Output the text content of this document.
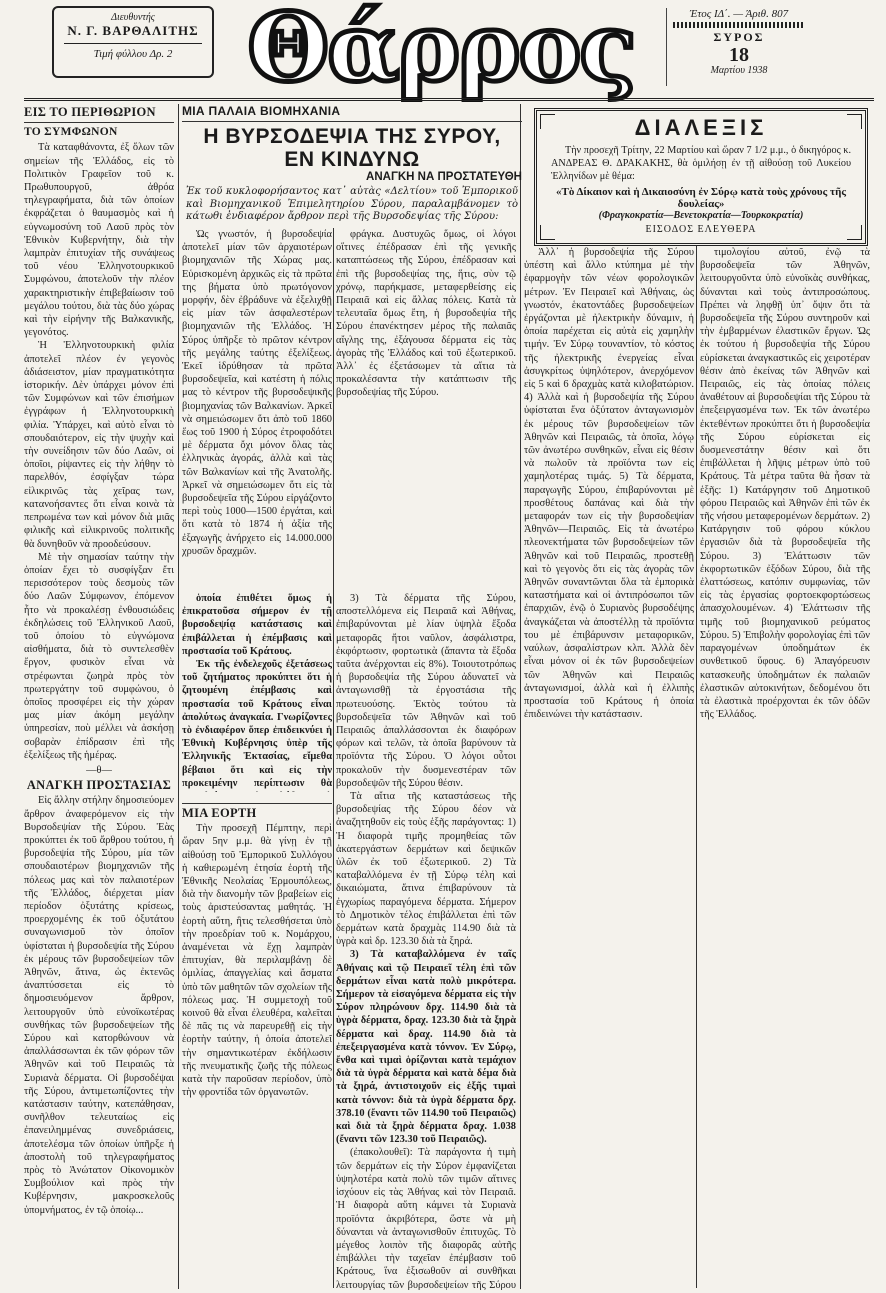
Διευθυντής
Ν. Γ. ΒΑΡΘΑΛΙΤΗΣ
Τιμή φύλλου Δρ. 2 Θάρρος	Έτος ΙΔ΄. — Άριθ. 807
ΣΥΡΟΣ
18
Μαρτίου 1938
ΕΙΣ ΤΟ ΠΕΡΙΘΩΡΙΟΝ
ΤΟ ΣΥΜΦΩΝΟΝ

Τὰ καταφθάνοντα, ἐξ ὅλων τῶν σημείων τῆς Ἑλλάδος, εἰς τὸ Πολιτικὸν Γραφεῖον τοῦ κ. Πρωθυπουργοῦ, ἀθρόα τηλεγραφήματα, διὰ τῶν ὁποίων ἐκφράζεται ὁ θαυμασμὸς καὶ ἡ εὐγνωμοσύνη τοῦ Λαοῦ πρὸς τὸν Ἐθνικὸν Κυβερνήτην, διὰ τὴν λαμπρὰν ἐπιτυχίαν τῆς συνάψεως τοῦ νέου Ἑλληνοτουρκικοῦ Συμφώνου, ἀποτελοῦν τὴν πλέον χαρακτηριστικὴν ἐπιβεβαίωσιν τοῦ μεγάλου τούτου, διὰ τὰς δύο χώρας καὶ τὴν εἰρήνην τῆς Βαλκανικῆς, γεγονότος.

Ἡ Ἑλληνοτουρκικὴ φιλία ἀποτελεῖ πλέον ἐν γεγονὸς ἀδιάσειστον, μίαν πραγματικότητα ἱστορικήν. Δὲν ὑπάρχει μόνον ἐπὶ τῶν Συμφώνων καὶ τῶν ἐπισήμων ἐγγράφων ἡ Ἑλληνοτουρκικὴ φιλία. Ὑπάρχει, καὶ αὐτὸ εἶναι τὸ σπουδαιότερον, εἰς τὴν ψυχὴν καὶ τὴν συνείδησιν τῶν δύο Λαῶν, οἱ ὁποῖοι, ρίψαντες εἰς τὴν λήθην τὸ παρελθόν, ἐσφίγξαν τώρα εἰλικρινῶς τὰς χεῖρας των, κατανοήσαντες ὅτι εἶναι κοινὰ τὰ πεπρωμένα των καὶ μόνον διὰ μιᾶς φιλικῆς καὶ εἰλικρινοῦς πολιτικῆς θὰ δυνηθοῦν νὰ προοδεύσουν.

Μὲ τὴν σημασίαν ταύτην τὴν ὁποίαν ἔχει τὸ συσφίγξαν ἔτι περισσότερον τοὺς δεσμοὺς τῶν δύο Λαῶν Σύμφωνον, ἐπόμενον ἦτο νὰ προκαλέσῃ ἐνθουσιώδεις ἐκδηλώσεις τοῦ Ἑλληνικοῦ Λαοῦ, τοῦ ὁποίου τὸ εὐγνώμονα αἰσθήματα, διὰ τὸ συντελεσθὲν ἔργον, φυσικὸν εἶναι νὰ στρέφωνται ζωηρὰ πρὸς τὸν πρωτεργάτην τοῦ συμφώνου, ὁ ὁποῖος προσφέρει εἰς τὴν χώραν μας μίαν ἀκόμη μεγάλην ὑπηρεσίαν, ποὺ μέλλει νὰ ἀσκήσῃ σοβαρὰν ἐπίδρασιν ἐπὶ τῆς ἐξελίξεως τῆς ἡμέρας.

—θ—
ΑΝΑΓΚΗ ΠΡΟΣΤΑΣΙΑΣ

Εἰς ἄλλην στήλην δημοσιεύομεν ἄρθρον ἀναφερόμενον εἰς τὴν Βυρσοδεψίαν τῆς Σύρου. Ἐὰς προκύπτει ἐκ τοῦ ἄρθρου τούτου, ἡ βυρσοδεψία τῆς Σύρου, μία τῶν σπουδαιοτέρων βιομηχανιῶν τῆς πόλεως μας καὶ τὸν παλαιοτέρων τῆς Ἑλλάδος, διέρχεται μίαν περίοδον ὀξυτάτης κρίσεως, προερχομένης ἐκ τοῦ ὀξυτάτου συναγωνισμοῦ τὸν ὁποῖον ὑφίσταται ἡ βυρσοδεψία τῆς Σύρου ἐκ μέρους τῶν βυρσοδεψείων τῶν Ἀθηνῶν, ἅτινα, ὡς ἐκτενῶς ἀναπτύσσεται εἰς τὸ δημοσιευόμενον ἄρθρον, λειτουργοῦν ὑπὸ εὐνοϊκωτέρας συνθήκας τῶν βυρσοδεψείων τῆς Σύρου καὶ κατορθώνουν νὰ ἀπαλλάσσωνται ἐκ τῶν φόρων τῶν Ἀθηνῶν καὶ τοῦ Πειραιῶς τὰ Συριανὰ δέρματα. Οἱ βυρσοδέψαι τῆς Σύρου, ἀντιμετωπίζοντες τὴν κατάστασιν ταύτην, κατεπάθησαν, συνῆλθον τελευταίως εἰς ἐπανειλημμένας συνεδριάσεις, ἀποτελέσμα τῶν ὁποίων ὑπῆρξε ἡ ἀποστολὴ τοῦ τηλεγραφήματος πρὸς τὸ Ἀνώτατον Οἰκονομικὸν Συμβούλιον καὶ πρὸς τὴν Κυβέρνησιν, μακροσκελοῦς ὑπομνήματος, ἐν τῷ ὁποίῳ...

ΜΙΑ ΠΑΛΑΙΑ ΒΙΟΜΗΧΑΝΙΑ
Η ΒΥΡΣΟΔΕΨΙΑ ΤΗΣ ΣΥΡΟΥ,
ΕΝ ΚΙΝΔΥΝΩ
ΑΝΑΓΚΗ ΝΑ ΠΡΟΣΤΑΤΕΥΘΗ
Ἐκ τοῦ κυκλοφορήσαντος κατ᾿ αὐτὰς «Δελτίου» τοῦ Ἐμπορικοῦ καὶ Βιομηχανικοῦ Ἐπιμελητηρίου Σύρου, παραλαμβάνομεν τὸ κάτωθι ἐνδιαφέρον ἄρθρον περὶ τῆς Βυρσοδεψίας τῆς Σύρου:

Ὡς γνωστόν, ἡ βυρσοδεψία ἀποτελεῖ μίαν τῶν ἀρχαιοτέρων βιομηχανιῶν τῆς Χώρας μας. Εὑρισκομένη ἀρχικῶς εἰς τὰ πρῶτα της βήματα ὑπὸ πρωτόγονον μορφήν, δὲν ἐβράδυνε νὰ ἐξελιχθῇ εἰς μίαν τῶν ἀσφαλεστέρων βιομηχανιῶν τῆς Ἑλλάδος. Ἡ Σύρος ὑπῆρξε τὸ πρῶτον κέντρον τῆς μεγάλης ταύτης ἐξελίξεως. Ἐκεῖ ἱδρύθησαν τὰ πρῶτα βυρσοδεψεῖα, καὶ κατέστη ἡ πόλις μας τὸ κέντρον τῆς βυρσοδεψικῆς βιομηχανίας τῶν Βαλκανίων. Ἀρκεῖ νὰ σημειώσωμεν ὅτι ἀπὸ τοῦ 1860 ἕως τοῦ 1900 ἡ Σύρος ἐτροφοδότει μὲ δέρματα ὄχι μόνον ὅλας τὰς ἑλληνικὰς ἀγοράς, ἀλλὰ καὶ τὰς τῶν Βαλκανίων καὶ τῆς Ἀνατολῆς. Ἀρκεῖ νὰ σημειώσωμεν ὅτι εἰς τὰ βυρσοδεψεῖα τῆς Σύρου εἰργάζοντο περὶ τοὺς 1000—1500 ἐργάται, καὶ ὅτι κατὰ τὸ 1874 ἡ ἀξία τῆς ἐξαγωγῆς ἀνήρχετο εἰς 14.000.000 χρυσῶν δραχμῶν.

φράγκα. Δυστυχῶς ὅμως, οἱ λόγοι οἵτινες ἐπέδρασαν ἐπὶ τῆς γενικῆς καταπτώσεως τῆς Σύρου, ἐπέδρασαν καὶ ἐπὶ τῆς βυρσοδεψίας της, ἥτις, σὺν τῷ χρόνῳ, παρήκμασε, μεταφερθείσης εἰς Πειραιᾶ καὶ εἰς ἄλλας πόλεις. Κατὰ τὰ τελευταῖα ὅμως ἔτη, ἡ βυρσοδεψία τῆς Σύρου ἐπανέκτησεν μέρος τῆς παλαιᾶς αἴγλης της, ἐξάγουσα δέρματα εἰς τὰς ἀγορὰς τῆς Ἑλλάδος καὶ τοῦ ἐξωτερικοῦ. Ἀλλ᾿ ἐς ἐξετάσωμεν τὰ αἴτια τὰ προκαλέσαντα τὴν κατάπτωσιν τῆς βυρσοδεψίας τῆς Σύρου.

ὁποία ἐπιθέτει ὅμως ἡ ἐπικρατοῦσα σήμερον ἐν τῇ βυρσοδεψίᾳ κατάστασις καὶ ἐπιβάλλεται ἡ ἐπέμβασις καὶ προστασία τοῦ Κράτους.

Ἐκ τῆς ἐνδελεχοῦς ἐξετάσεως τοῦ ζητήματος προκύπτει ὅτι ἡ ζητουμένη ἐπέμβασις καὶ προστασία τοῦ Κράτους εἶναι ἀπολύτως ἀναγκαία. Γνωρίζοντες τὸ ἐνδιαφέρον ὅπερ ἐπιδεικνύει ἡ Ἐθνικὴ Κυβέρνησις ὑπὲρ τῆς Ἑλληνικῆς Ἐκτασίας, εἴμεθα βέβαιοι ὅτι καὶ εἰς τὴν προκειμένην περίπτωσιν θὰ

3) Τὰ δέρματα τῆς Σύρου, αποστελλόμενα εἰς Πειραιᾶ καὶ Ἀθήνας, ἐπιβαρύνονται μὲ λίαν ὑψηλὰ ἔξοδα μεταφορᾶς ἤτοι ναῦλον, ἀσφάλιστρα, ἐκφόρτωσιν, φορτωτικὰ (ἅπαντα τὰ ἔξοδα ταῦτα ἀνέρχονται εἰς 8%). Τοιουτοτρόπως ἡ βυρσοδεψία τῆς Σύρου ἀδυνατεῖ νὰ ἀνταγωνισθῇ τὰ ἐργοστάσια τῆς πρωτευούσης. Ἐκτὸς τούτου τὰ βυρσοδεψεῖα τῶν Ἀθηνῶν καὶ τοῦ Πειραιῶς ἀπαλλάσσονται ἐκ διαφόρων φόρων καὶ τελῶν, τὰ ὁποῖα βαρύνουν τὰ προϊόντα τῆς Σύρου. Ὁ λόγοι οὗτοι προκαλοῦν τὴν δυσμενεστέραν τῶν βυρσοδεψῶν τῆς Σύρου θέσιν.

ΜΙΑ ΕΟΡΤΗ

Τὴν προσεχῆ Πέμπτην, περὶ ὥραν 5ην μ.μ. θὰ γίνῃ ἐν τῇ αἰθούσῃ τοῦ Ἐμπορικοῦ Συλλόγου ἡ καθιερωμένη ἐτησία ἑορτὴ τῆς Ἐθνικῆς Νεολαίας Ἑρμουπόλεως, διὰ τὴν διανομὴν τῶν βραβείων εἰς τοὺς ἀριστεύσαντας μαθητάς. Ἡ ἑορτὴ αὕτη, ἣτις τελεσθήσεται ὑπὸ τὴν προεδρίαν τοῦ κ. Νομάρχου, ἀναμένεται νὰ ἔχῃ λαμπρὰν ἐπιτυχίαν, θὰ περιλαμβάνῃ δὲ ὁμιλίας, ἀπαγγελίας καὶ ἄσματα ὑπὸ τῶν μαθητῶν τῶν σχολείων τῆς πόλεως μας. Ἡ συμμετοχὴ τοῦ κοινοῦ θὰ εἶναι ἐλευθέρα, καλεῖται δὲ πᾶς τις νὰ παρευρεθῇ εἰς τὴν ἑορτὴν ταύτην, ἡ ὁποία ἀποτελεῖ τὴν σημαντικωτέραν ἐκδήλωσιν τῆς πνευματικῆς ζωῆς τῆς πόλεως κατὰ τὴν παροῦσαν περίοδον, ὑπὸ τὴν φροντίδα τῶν ὀργανωτῶν.

Τὰ αἴτια τῆς καταστάσεως τῆς βυρσοδεψίας τῆς Σύρου δέον νὰ ἀναζητηθοῦν εἰς τοὺς ἑξῆς παράγοντας: 1) Ἡ διαφορὰ τιμῆς προμηθείας τῶν ἀκατεργάστων δερμάτων καὶ δεψικῶν ὑλῶν ἐκ τοῦ ἐξωτερικοῦ. 2) Τὰ καταβαλλόμενα ἐν τῇ Σύρῳ τέλη καὶ δικαιώματα, ἅτινα ἐπιβαρύνουν τὰ ἐγχωρίως παραγόμενα δέρματα. Σήμερον τὸ Δημοτικὸν τέλος ἐπιβάλλεται ἐπὶ τῶν δερμάτων κατὰ δραχμὰς 114.90 διὰ τὰ ὑγρὰ καὶ δρ. 123.30 διὰ τὰ ξηρά.

3) Τὰ καταβαλλόμενα ἐν ταῖς Ἀθήναις καὶ τῷ Πειραιεῖ τέλη ἐπὶ τῶν δερμάτων εἶναι κατὰ πολὺ μικρότερα. Σήμερον τὰ εἰσαγόμενα δέρματα εἰς τὴν Σύρον πληρώνουν δρχ. 114.90 διὰ τὰ ὑγρὰ δέρματα, δραχ. 123.30 διὰ τὰ ξηρὰ δέρματα καὶ δραχ. 114.90 διὰ τὰ ἐπεξειργασμένα κατὰ τόννον. Ἐν Σύρῳ, ἔνθα καὶ τιμαὶ ὁρίζονται κατὰ τεμάχιον διὰ τὰ ὑγρὰ δέρματα καὶ κατὰ δέμα διὰ τὰ ξηρά, ἀντιστοιχοῦν εἰς ἑξῆς τιμαὶ κατὰ τόννον: διὰ τὰ ὑγρὰ δέρματα δρχ. 378.10 (ἔναντι τῶν 114.90 τοῦ Πειραιῶς) καὶ διὰ τὰ ξηρὰ δέρματα δραχ. 1.038 (ἔναντι τῶν 123.30 τοῦ Πειραιῶς).

(ἐπακολουθεῖ): Τὰ παράγοντα ἡ τιμὴ τῶν δερμάτων εἰς τὴν Σύρον ἐμφανίζεται ὑψηλοτέρα κατὰ πολὺ τῶν τιμῶν αἵτινες ἰσχύουν εἰς τὰς Ἀθήνας καὶ τὸν Πειραιᾶ. Ἡ διαφορὰ αὕτη κάμνει τὰ Συριανὰ προϊόντα ἀκριβότερα, ὥστε νὰ μὴ δύνανται νὰ ἀνταγωνισθοῦν ἐπιτυχῶς. Τὸ μέγεθος λοιπὸν τῆς διαφορᾶς αὐτῆς ἐπιβάλλει τὴν ταχεῖαν ἐπέμβασιν τοῦ Κράτους, ἵνα ἐξισωθοῦν αἱ συνθῆκαι λειτουργίας τῶν βυρσοδεψείων τῆς Σύρου

ΔΙΑΛΕΞΙΣ
Τὴν προσεχῆ Τρίτην, 22 Μαρτίου καὶ ὥραν 7 1/2 μ.μ., ὁ δικηγόρος κ. ΑΝΔΡΕΑΣ Θ. ΔΡΑΚΑΚΗΣ, θὰ ὁμιλήσῃ ἐν τῇ αἰθούσῃ τοῦ Λυκείου Ἑλληνίδων μὲ θέμα:
«Τὸ Δίκαιον καὶ ἡ Δικαιοσύνη ἐν Σύρῳ κατὰ τοὺς χρόνους τῆς δουλείας»
(Φραγκοκρατία—Βενετοκρατία—Τουρκοκρατία)
ΕΙΣΟΔΟΣ ΕΛΕΥΘΕΡΑ

Ἀλλ᾿ ἡ βυρσοδεψία τῆς Σύρου ὑπέστη καὶ ἄλλο κτύπημα μὲ τὴν ἐφαρμογὴν τῶν νέων φορολογικῶν μέτρων. Ἐν Πειραιεῖ καὶ Ἀθήναις, ὡς γνωστόν, ἑκατοντάδες βυρσοδεψείων ἐργάζονται μὲ ἠλεκτρικὴν δύναμιν, ἡ ὁποία παρέχεται εἰς αὐτὰ εἰς χαμηλὴν τιμήν. Ἐν Σύρῳ τουναντίον, τὸ κόστος τῆς ἠλεκτρικῆς ἐνεργείας εἶναι ἀσυγκρίτως ὑψηλότερον, ἀνερχόμενον εἰς 5 καὶ 6 δραχμὰς κατὰ κιλοβατώριον. 4) Ἀλλὰ καὶ ἡ βυρσοδεψία τῆς Σύρου ὑφίσταται ἕνα ὀξύτατον ἀνταγωνισμὸν ἐκ μέρους τῶν βυρσοδεψείων τῶν Ἀθηνῶν καὶ Πειραιῶς, τὰ ὁποῖα, λόγῳ τῶν ἀνωτέρω συνθηκῶν, εἶναι εἰς θέσιν νὰ πωλοῦν τὰ προϊόντα των εἰς χαμηλοτέρας τιμάς. 5) Τὰ δέρματα, παραγωγῆς Σύρου, ἐπιβαρύνονται μὲ προσθέτους δαπάνας καὶ διὰ τὴν μεταφοράν των εἰς τὴν βυρσοδεψίαν Ἀθηνῶν—Πειραιῶς. Εἰς τὰ ἀνωτέρω πλεονεκτήματα τῶν βυρσοδεψείων τῶν Ἀθηνῶν καὶ τοῦ Πειραιῶς, προστεθῇ καὶ τὸ γεγονὸς ὅτι εἰς τὰς ἀγορὰς τῶν Ἀθηνῶν συναντῶνται ὅλα τὰ ἐμπορικὰ καταστήματα καὶ οἱ ἀντιπρόσωποι τῶν ἐπαρχιῶν, ἐνῷ ὁ Συριανὸς βυρσοδέψης ἀναγκάζεται νὰ ἀποστέλλῃ τὰ προϊόντα του μὲ ἐπιβάρυνσιν μεταφορικῶν, ναύλων, ἀσφαλίστρων κλπ. Ἀλλὰ δὲν εἶναι μόνον οἱ ἐκ τῶν βυρσοδεψείων τῶν Ἀθηνῶν καὶ Πειραιῶς ἀνταγωνισμοί, ἀλλὰ καὶ ἡ ἐλλιπὴς προστασία τοῦ Κράτους ἡ ὁποία ἐπιδεινώνει τὴν κατάστασιν.

τιμολογίου αὐτοῦ, ἐνῷ τὰ βυρσοδεψεῖα τῶν Ἀθηνῶν, λειτουργοῦντα ὑπὸ εὐνοϊκὰς συνθήκας, δύνανται καὶ τοὺς ἀντιπροσώπους. Πρέπει νὰ ληφθῇ ὑπ᾿ ὄψιν ὅτι τὰ βυρσοδεψεῖα τῆς Σύρου συντηροῦν καὶ τὴν ἐμβαρμένων ἐλαστικῶν ἔργων. Ὡς ἐκ τούτου ἡ βυρσοδεψία τῆς Σύρου εὑρίσκεται ἀναγκαστικῶς εἰς χειροτέραν θέσιν ἀπὸ ἐκείνας τῶν Ἀθηνῶν καὶ Πειραιῶς, εἰς τὰς ὁποίας πόλεις ἀναθέτουν αἱ βυρσοδεψίαι τῆς Σύρου τὰ ἐπεξειργασμένα των. Ἐκ τῶν ἀνωτέρω ἐκτεθέντων προκύπτει ὅτι ἡ βυρσοδεψία τῆς Σύρου εὑρίσκεται εἰς δυσμενεστάτην θέσιν καὶ ὅτι ἐπιβάλλεται ἡ λῆψις μέτρων ὑπὸ τοῦ Κράτους. Τὰ μέτρα ταῦτα θὰ ἦσαν τὰ ἑξῆς: 1) Κατάργησιν τοῦ Δημοτικοῦ φόρου Πειραιῶς καὶ Ἀθηνῶν ἐπὶ τῶν ἐκ τῆς νήσου μεταφερομένων δερμάτων. 2) Κατάργησιν τοῦ φόρου κύκλου ἐργασιῶν διὰ τὰ βυρσοδεψεῖα τῆς Σύρου. 3) Ἐλάττωσιν τῶν ἐκφορτωτικῶν ἐξόδων Σύρου, διὰ τῆς ἐλαττώσεως, κατόπιν συμφωνίας, τῶν εἰς τὰς ἐργασίας φορτοεκφορτώσεως ἀπασχολουμένων. 4) Ἐλάττωσιν τῆς τιμῆς τοῦ βιομηχανικοῦ ρεύματος Σύρου. 5) Ἐπιβολὴν φορολογίας ἐπὶ τῶν παραγομένων ὑποδημάτων ἐκ συνθετικοῦ ὕφους. 6) Ἀπαγόρευσιν κατασκευῆς ὑποδημάτων ἐκ παλαιῶν ἐλαστικῶν αὐτοκινήτων, δεδομένου ὅτι τὰ ἐλαστικὰ προέρχονται ἐκ τῶν ὁδῶν τῆς Ἑλλάδος.
